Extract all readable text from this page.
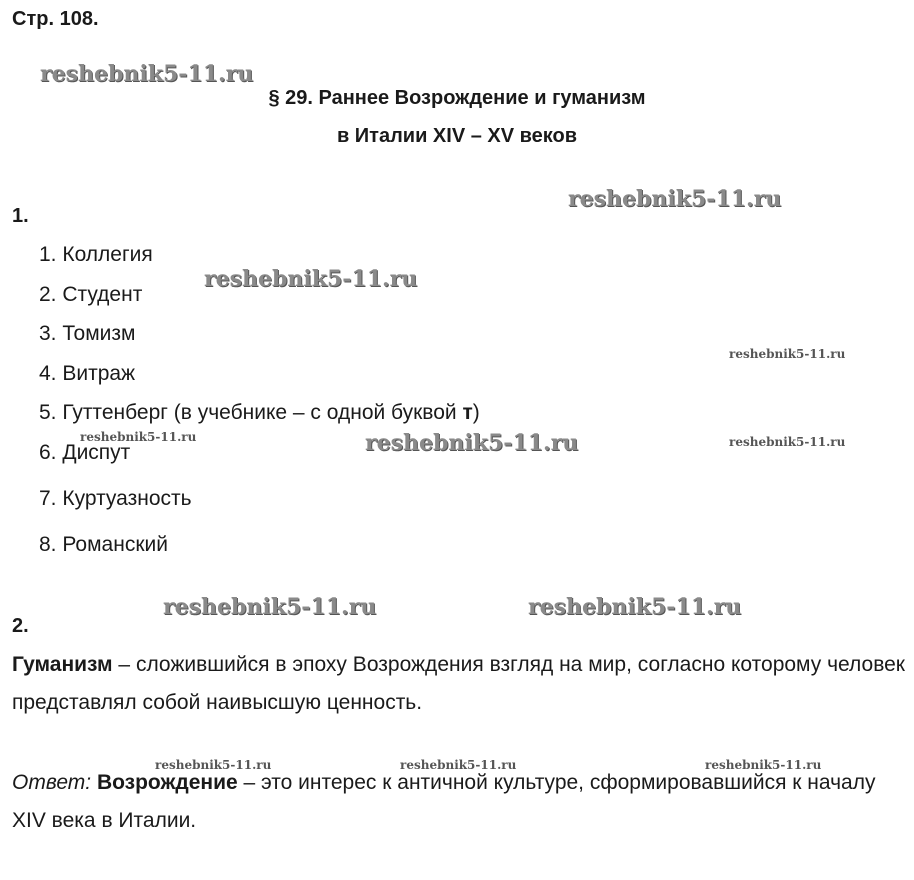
Стр. 108.
§ 29. Раннее Возрождение и гуманизм
в Италии XIV – XV веков
1.
1. Коллегия
2. Студент
3. Томизм
4. Витраж
5. Гуттенберг (в учебнике – с одной буквой т)
6. Диспут
7. Куртуазность
8. Романский
2.

Гуманизм – сложившийся в эпоху Возрождения взгляд на мир, согласно которому человек представлял собой наивысшую ценность.

Ответ: Возрождение – это интерес к античной культуре, сформировавшийся к началу XIV века в Италии.

reshebnik5-11.ru
reshebnik5-11.ru
reshebnik5-11.ru
reshebnik5-11.ru
reshebnik5-11.ru	reshebnik5-11.ru	reshebnik5-11.ru
reshebnik5-11.ru	reshebnik5-11.ru
reshebnik5-11.ru	reshebnik5-11.ru	reshebnik5-11.ru
